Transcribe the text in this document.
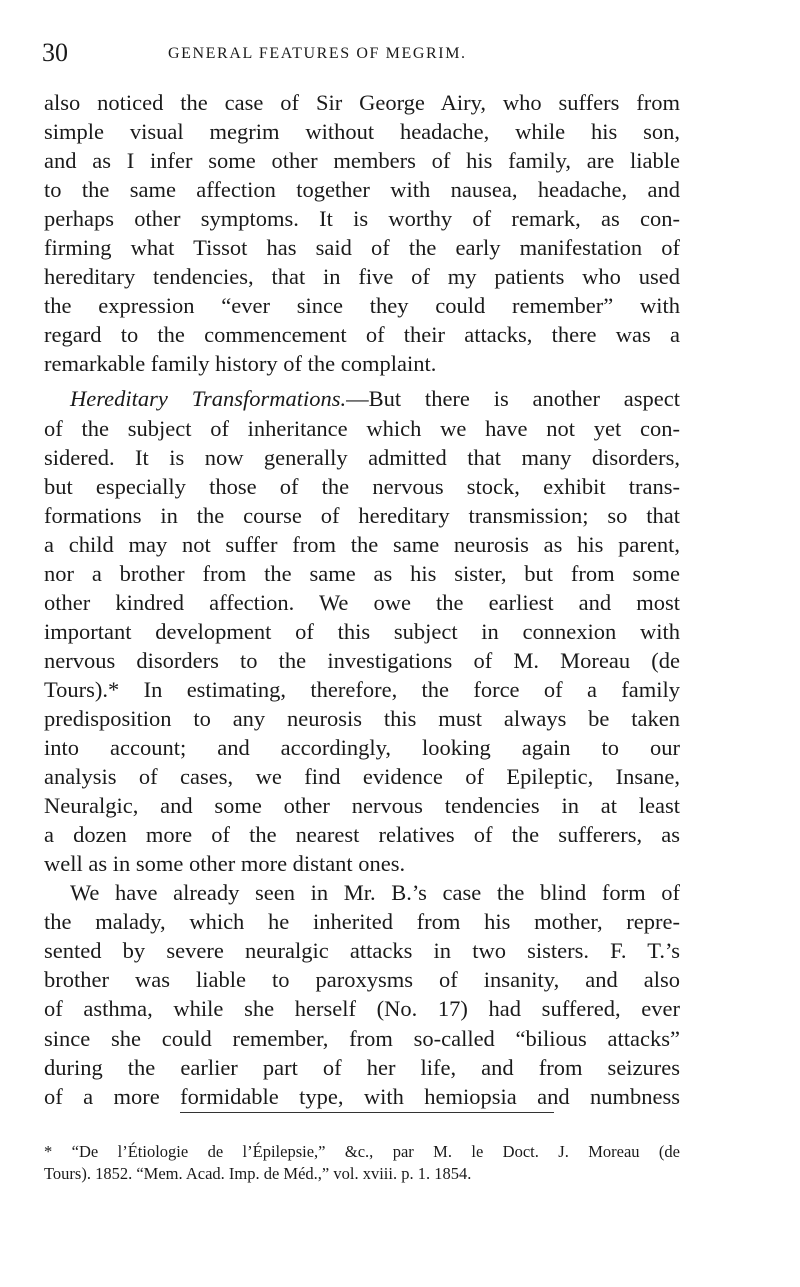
30	GENERAL FEATURES OF MEGRIM.
also noticed the case of Sir George Airy, who suffers from
simple visual megrim without headache, while his son,
and as I infer some other members of his family, are liable
to the same affection together with nausea, headache, and
perhaps other symptoms. It is worthy of remark, as con-
firming what Tissot has said of the early manifestation of
hereditary tendencies, that in five of my patients who used
the expression “ever since they could remember” with
regard to the commencement of their attacks, there was a
remarkable family history of the complaint.
Hereditary Transformations.—But there is another aspect
of the subject of inheritance which we have not yet con-
sidered. It is now generally admitted that many disorders,
but especially those of the nervous stock, exhibit trans-
formations in the course of hereditary transmission; so that
a child may not suffer from the same neurosis as his parent,
nor a brother from the same as his sister, but from some
other kindred affection. We owe the earliest and most
important development of this subject in connexion with
nervous disorders to the investigations of M. Moreau (de
Tours).* In estimating, therefore, the force of a family
predisposition to any neurosis this must always be taken
into account; and accordingly, looking again to our
analysis of cases, we find evidence of Epileptic, Insane,
Neuralgic, and some other nervous tendencies in at least
a dozen more of the nearest relatives of the sufferers, as
well as in some other more distant ones.
We have already seen in Mr. B.’s case the blind form of
the malady, which he inherited from his mother, repre-
sented by severe neuralgic attacks in two sisters. F. T.’s
brother was liable to paroxysms of insanity, and also
of asthma, while she herself (No. 17) had suffered, ever
since she could remember, from so-called “bilious attacks”
during the earlier part of her life, and from seizures
of a more formidable type, with hemiopsia and numbness
* “De l’Étiologie de l’Épilepsie,” &c., par M. le Doct. J. Moreau (de
Tours). 1852. “Mem. Acad. Imp. de Méd.,” vol. xviii. p. 1. 1854.
